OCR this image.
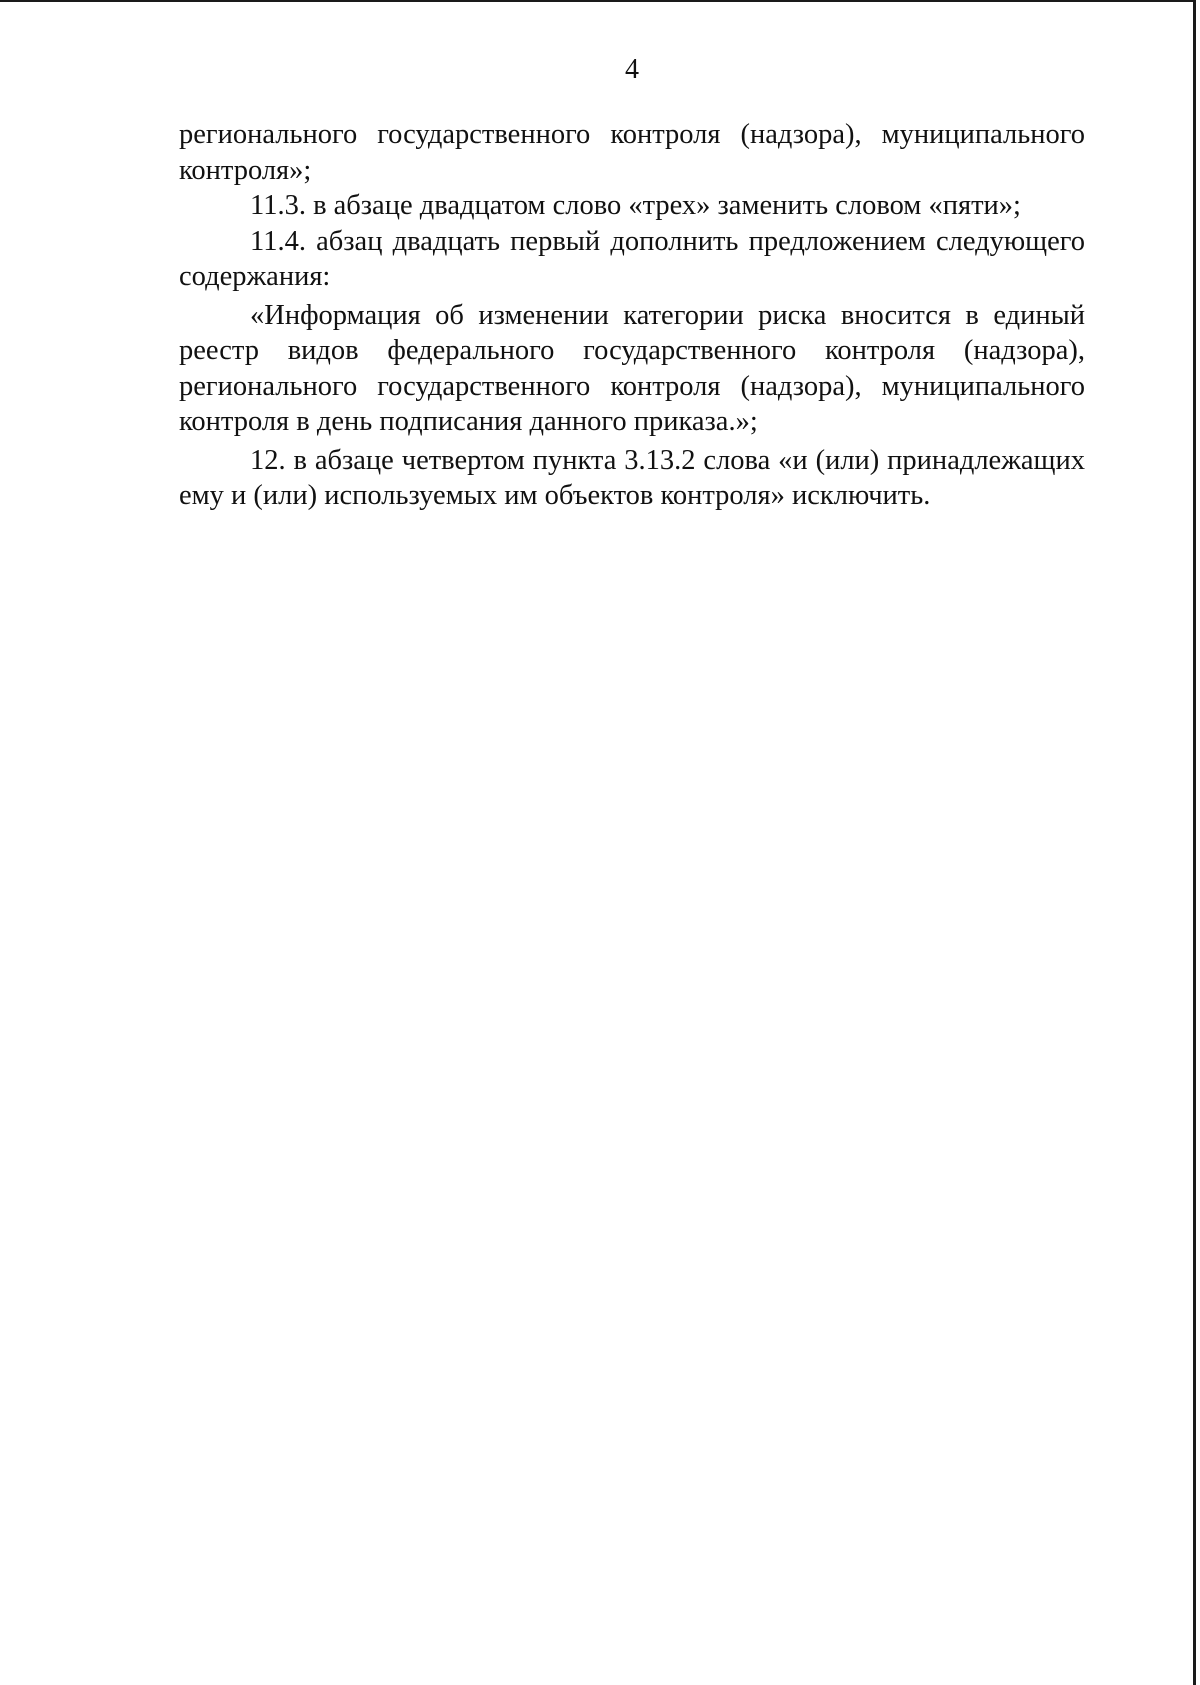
4

регионального государственного контроля (надзора), муниципального контроля»;

11.3. в абзаце двадцатом слово «трех» заменить словом «пяти»;

11.4. абзац двадцать первый дополнить предложением следующего содержания:

«Информация об изменении категории риска вносится в единый реестр видов федерального государственного контроля (надзора), регионального государственного контроля (надзора), муниципального контроля в день подписания данного приказа.»;

12. в абзаце четвертом пункта 3.13.2 слова «и (или) принадлежащих ему и (или) используемых им объектов контроля» исключить.
